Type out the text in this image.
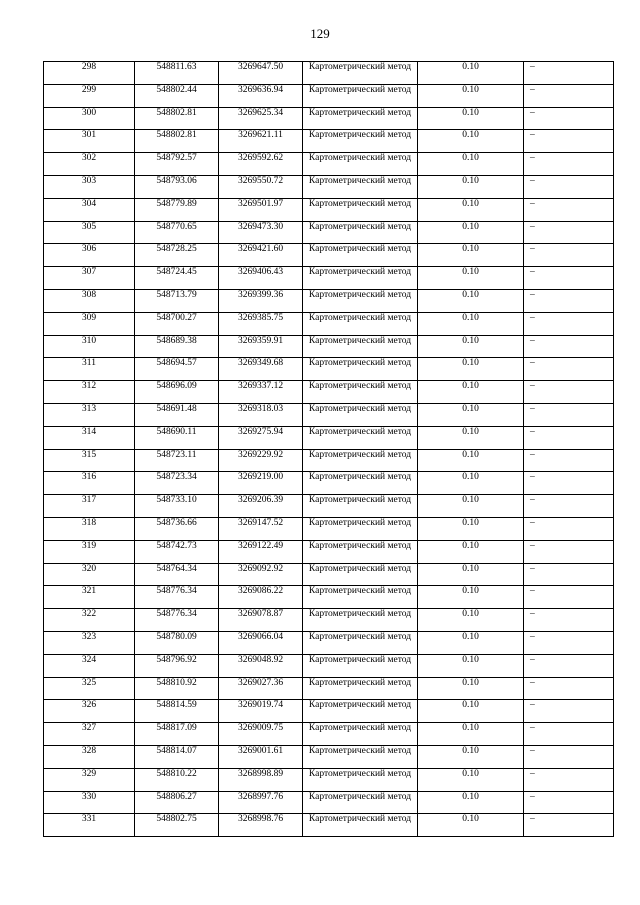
129
298	548811.63	3269647.50	Картометрический метод	0.10	–
299	548802.44	3269636.94	Картометрический метод	0.10	–
300	548802.81	3269625.34	Картометрический метод	0.10	–
301	548802.81	3269621.11	Картометрический метод	0.10	–
302	548792.57	3269592.62	Картометрический метод	0.10	–
303	548793.06	3269550.72	Картометрический метод	0.10	–
304	548779.89	3269501.97	Картометрический метод	0.10	–
305	548770.65	3269473.30	Картометрический метод	0.10	–
306	548728.25	3269421.60	Картометрический метод	0.10	–
307	548724.45	3269406.43	Картометрический метод	0.10	–
308	548713.79	3269399.36	Картометрический метод	0.10	–
309	548700.27	3269385.75	Картометрический метод	0.10	–
310	548689.38	3269359.91	Картометрический метод	0.10	–
311	548694.57	3269349.68	Картометрический метод	0.10	–
312	548696.09	3269337.12	Картометрический метод	0.10	–
313	548691.48	3269318.03	Картометрический метод	0.10	–
314	548690.11	3269275.94	Картометрический метод	0.10	–
315	548723.11	3269229.92	Картометрический метод	0.10	–
316	548723.34	3269219.00	Картометрический метод	0.10	–
317	548733.10	3269206.39	Картометрический метод	0.10	–
318	548736.66	3269147.52	Картометрический метод	0.10	–
319	548742.73	3269122.49	Картометрический метод	0.10	–
320	548764.34	3269092.92	Картометрический метод	0.10	–
321	548776.34	3269086.22	Картометрический метод	0.10	–
322	548776.34	3269078.87	Картометрический метод	0.10	–
323	548780.09	3269066.04	Картометрический метод	0.10	–
324	548796.92	3269048.92	Картометрический метод	0.10	–
325	548810.92	3269027.36	Картометрический метод	0.10	–
326	548814.59	3269019.74	Картометрический метод	0.10	–
327	548817.09	3269009.75	Картометрический метод	0.10	–
328	548814.07	3269001.61	Картометрический метод	0.10	–
329	548810.22	3268998.89	Картометрический метод	0.10	–
330	548806.27	3268997.76	Картометрический метод	0.10	–
331	548802.75	3268998.76	Картометрический метод	0.10	–
